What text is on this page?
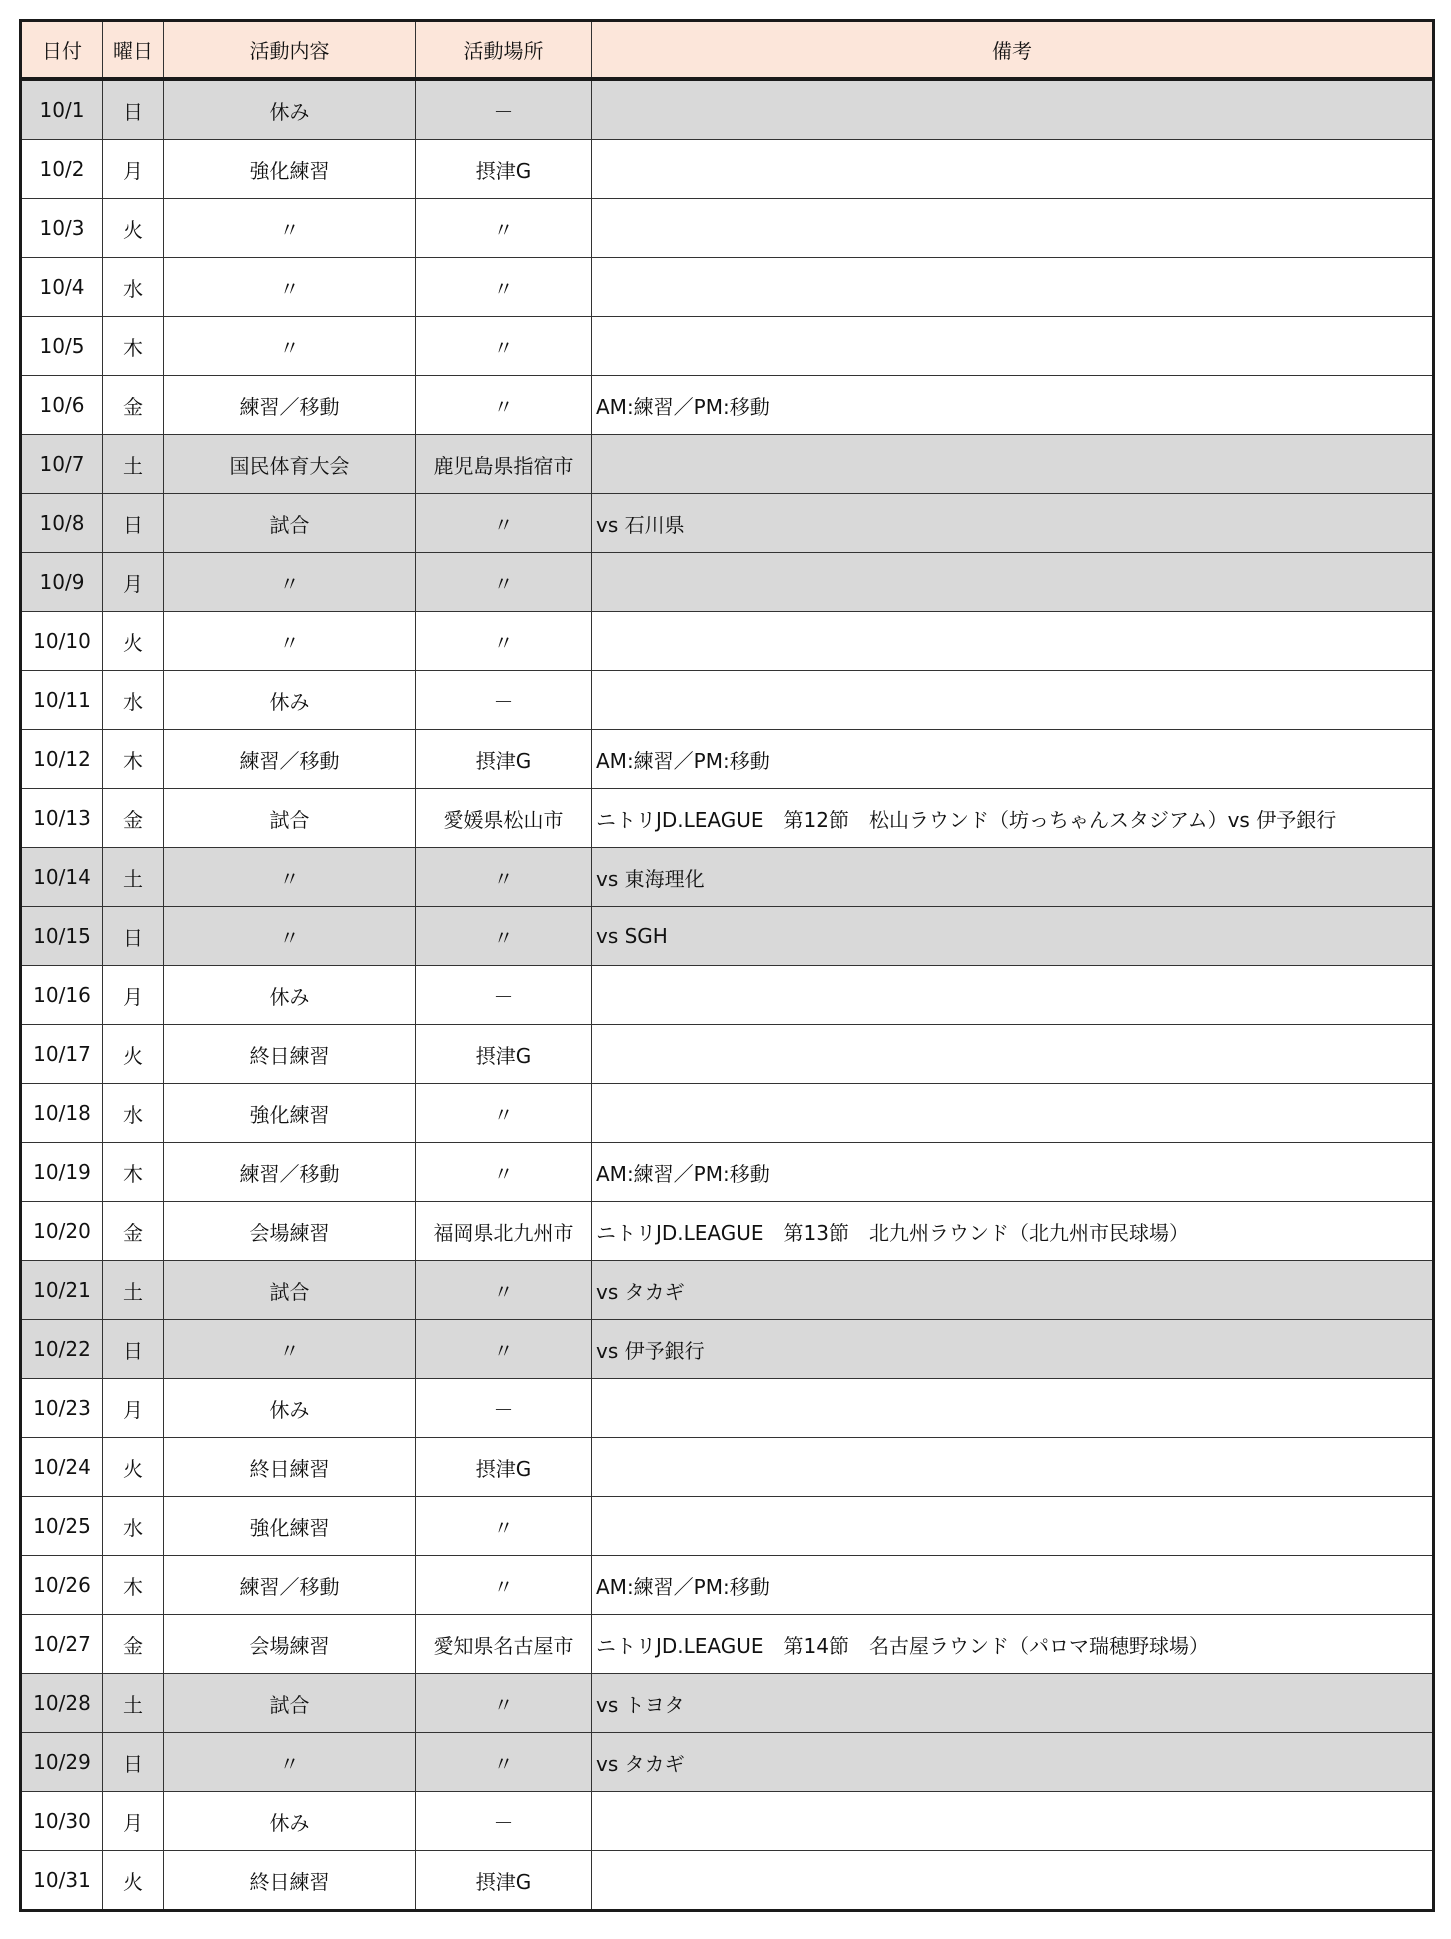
日付	曜日	活動内容	活動場所	備考
10/1	日	休み	－	
10/2	月	強化練習	摂津G	
10/3	火	〃	〃	
10/4	水	〃	〃	
10/5	木	〃	〃	
10/6	金	練習／移動	〃	AM:練習／PM:移動
10/7	土	国民体育大会	鹿児島県指宿市	
10/8	日	試合	〃	vs 石川県
10/9	月	〃	〃	
10/10	火	〃	〃	
10/11	水	休み	－	
10/12	木	練習／移動	摂津G	AM:練習／PM:移動
10/13	金	試合	愛媛県松山市	ニトリJD.LEAGUE　第12節　松山ラウンド（坊っちゃんスタジアム）vs 伊予銀行
10/14	土	〃	〃	vs 東海理化
10/15	日	〃	〃	vs SGH
10/16	月	休み	－	
10/17	火	終日練習	摂津G	
10/18	水	強化練習	〃	
10/19	木	練習／移動	〃	AM:練習／PM:移動
10/20	金	会場練習	福岡県北九州市	ニトリJD.LEAGUE　第13節　北九州ラウンド（北九州市民球場）
10/21	土	試合	〃	vs タカギ
10/22	日	〃	〃	vs 伊予銀行
10/23	月	休み	－	
10/24	火	終日練習	摂津G	
10/25	水	強化練習	〃	
10/26	木	練習／移動	〃	AM:練習／PM:移動
10/27	金	会場練習	愛知県名古屋市	ニトリJD.LEAGUE　第14節　名古屋ラウンド（パロマ瑞穂野球場）
10/28	土	試合	〃	vs トヨタ
10/29	日	〃	〃	vs タカギ
10/30	月	休み	－	
10/31	火	終日練習	摂津G	
